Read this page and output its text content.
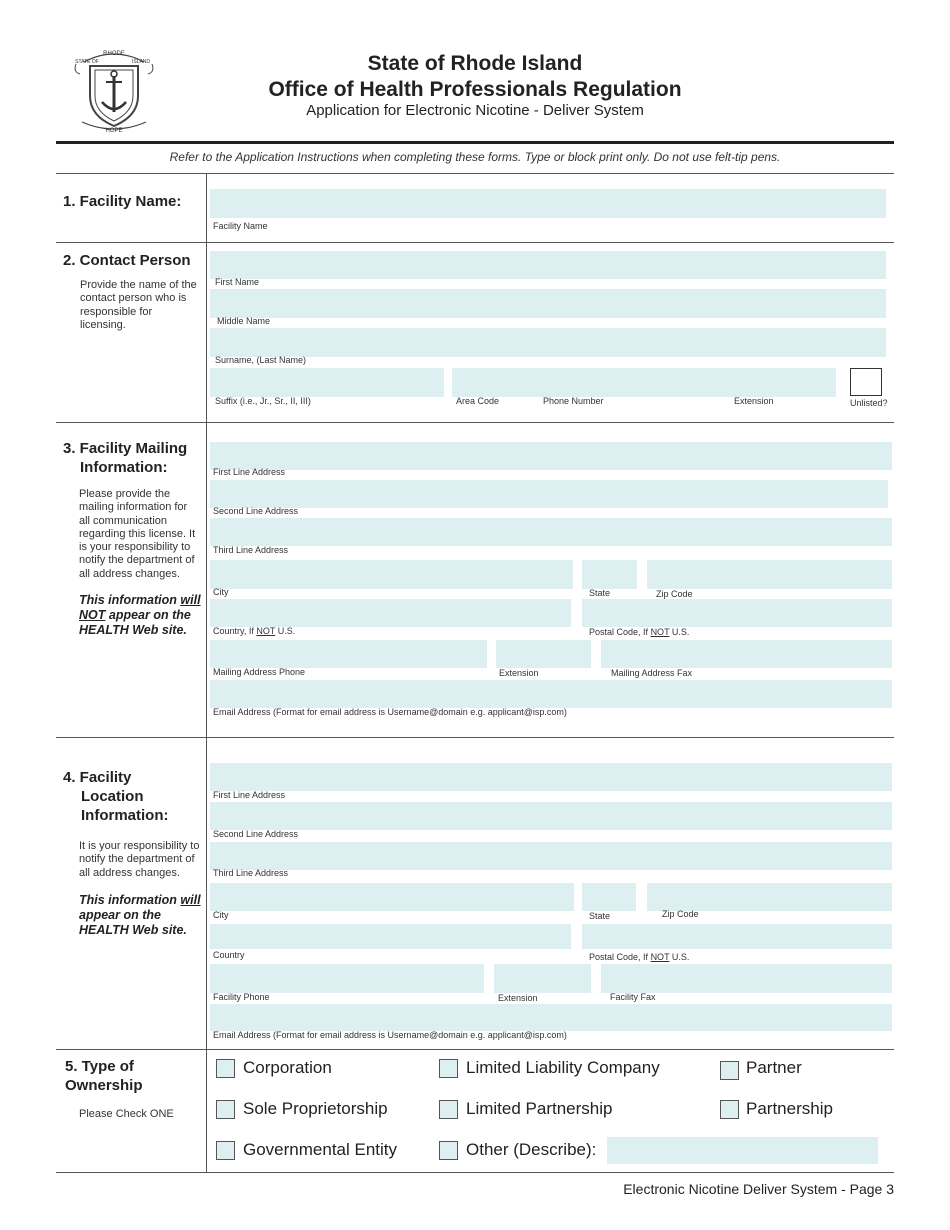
RHODE
STATE OF	ISLAND
HOPE
State of Rhode Island
Office of Health Professionals Regulation
Application for Electronic Nicotine - Deliver System
Refer to the Application Instructions when completing these forms. Type or block print only. Do not use felt-tip pens.
1. Facility Name:
Facility Name
2. Contact Person
Provide the name of the contact person who is responsible for licensing.
First Name
Middle Name
Surname, (Last Name)
Suffix (i.e., Jr., Sr., II, III)	Area Code	Phone Number	Extension	Unlisted?
3. Facility Mailing
Information:
Please provide the mailing information for all communication regarding this license. It is your responsibility to notify the department of all address changes.
This information will NOT appear on the HEALTH Web site.
First Line Address
Second Line Address
Third Line Address
City	State	Zip Code
Country, If NOT U.S.	Postal Code, If NOT U.S.
Mailing Address Phone	Extension	Mailing Address Fax
Email Address (Format for email address is Username@domain e.g. applicant@isp.com)
4. Facility
Location
Information:
It is your responsibility to notify the department of all address changes.
This information will appear on the HEALTH Web site.
First Line Address
Second Line Address
Third Line Address
City	State	Zip Code
Country	Postal Code, If NOT U.S.
Facility Phone	Extension	Facility Fax
Email Address (Format for email address is Username@domain e.g. applicant@isp.com)
5. Type of
Ownership
Please Check ONE
Corporation	Limited Liability Company	Partner
Sole Proprietorship	Limited Partnership	Partnership
Governmental Entity	Other (Describe):
Electronic Nicotine Deliver System - Page 3
